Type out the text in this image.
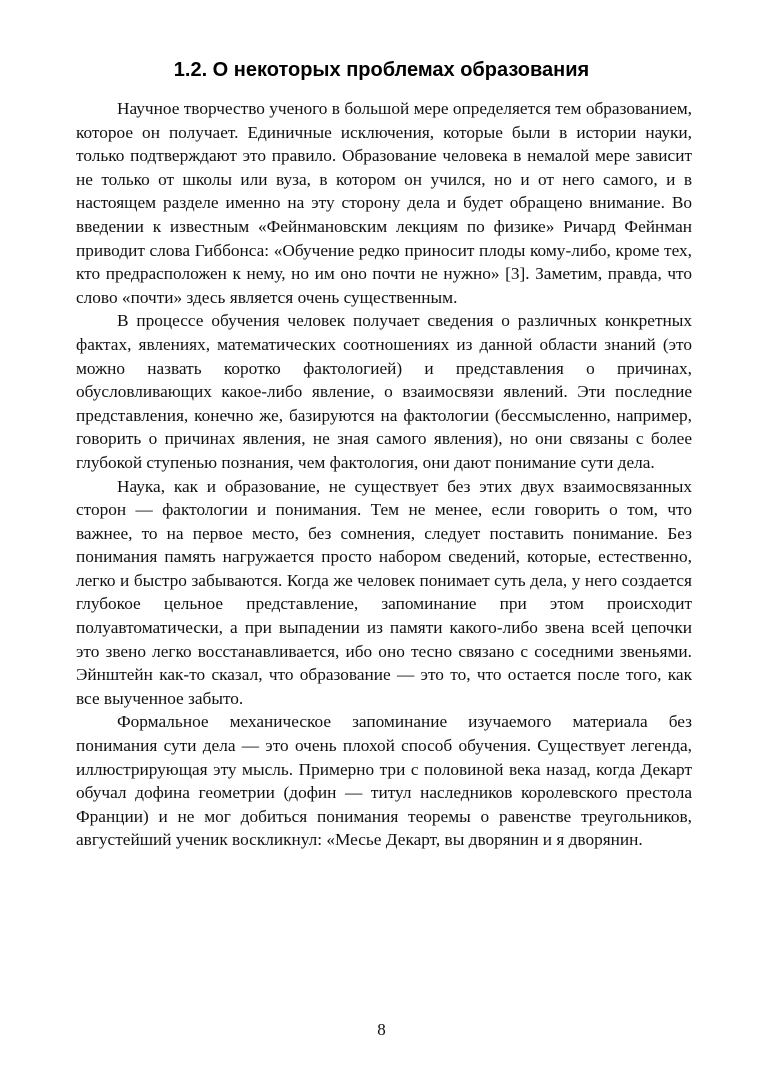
1.2. О некоторых проблемах образования

Научное творчество ученого в большой мере определяется тем образованием, которое он получает. Единичные исключения, которые были в истории науки, только подтверждают это правило. Образование человека в немалой мере зависит не только от школы или вуза, в котором он учился, но и от него самого, и в настоящем разделе именно на эту сторону дела и будет обращено внимание. Во введении к известным «Фейнмановским лекциям по физике» Ричард Фейнман приводит слова Гиббонса: «Обучение редко приносит плоды кому-либо, кроме тех, кто предрасположен к нему, но им оно почти не нужно» [3]. Заметим, правда, что слово «почти» здесь является очень существенным.

В процессе обучения человек получает сведения о различных конкретных фактах, явлениях, математических соотношениях из данной области знаний (это можно назвать коротко фактологией) и представления о причинах, обусловливающих какое-либо явление, о взаимосвязи явлений. Эти последние представления, конечно же, базируются на фактологии (бессмысленно, например, говорить о причинах явления, не зная самого явления), но они связаны с более глубокой ступенью познания, чем фактология, они дают понимание сути дела.

Наука, как и образование, не существует без этих двух взаимосвязанных сторон — фактологии и понимания. Тем не менее, если говорить о том, что важнее, то на первое место, без сомнения, следует поставить понимание. Без понимания память нагружается просто набором сведений, которые, естественно, легко и быстро забываются. Когда же человек понимает суть дела, у него создается глубокое цельное представление, запоминание при этом происходит полуавтоматически, а при выпадении из памяти какого-либо звена всей цепочки это звено легко восстанавливается, ибо оно тесно связано с соседними звеньями. Эйнштейн как-то сказал, что образование — это то, что остается после того, как все выученное забыто.

Формальное механическое запоминание изучаемого материала без понимания сути дела — это очень плохой способ обучения. Существует легенда, иллюстрирующая эту мысль. Примерно три с половиной века назад, когда Декарт обучал дофина геометрии (дофин — титул наследников королевского престола Франции) и не мог добиться понимания теоремы о равенстве треугольников, августейший ученик воскликнул: «Месье Декарт, вы дворянин и я дворянин.

8
